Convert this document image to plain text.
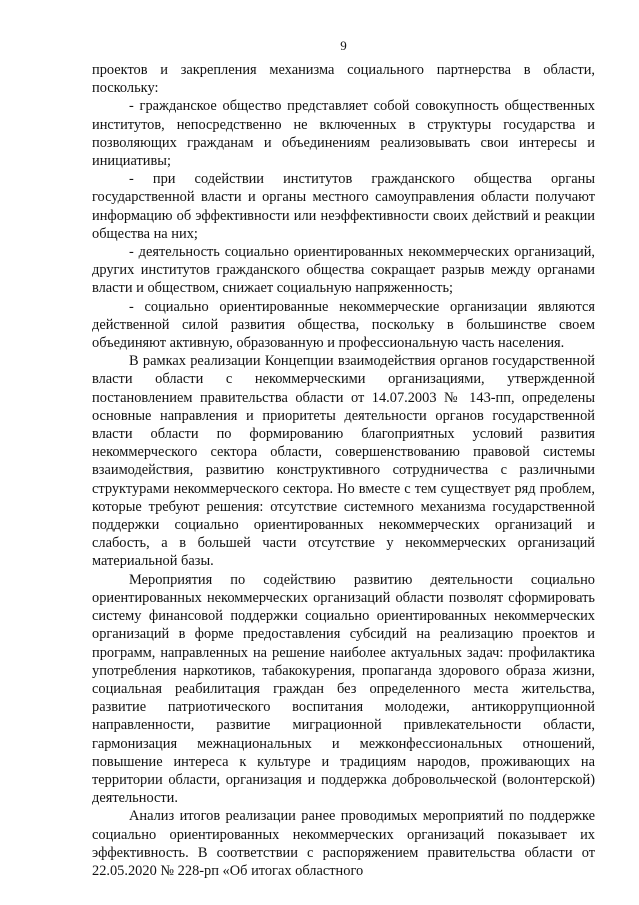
9

проектов и закрепления механизма социального партнерства в области, поскольку:

- гражданское общество представляет собой совокупность общественных институтов, непосредственно не включенных в структуры государства и позволяющих гражданам и объединениям реализовывать свои интересы и инициативы;

- при содействии институтов гражданского общества органы государственной власти и органы местного самоуправления области получают информацию об эффективности или неэффективности своих действий и реакции общества на них;

- деятельность социально ориентированных некоммерческих организаций, других институтов гражданского общества сокращает разрыв между органами власти и обществом, снижает социальную напряженность;

- социально ориентированные некоммерческие организации являются действенной силой развития общества, поскольку в большинстве своем объединяют активную, образованную и профессиональную часть населения.

В рамках реализации Концепции взаимодействия органов государственной власти области с некоммерческими организациями, утвержденной постановлением правительства области от 14.07.2003 № 143-пп, определены основные направления и приоритеты деятельности органов государственной власти области по формированию благоприятных условий развития некоммерческого сектора области, совершенствованию правовой системы взаимодействия, развитию конструктивного сотрудничества с различными структурами некоммерческого сектора. Но вместе с тем существует ряд проблем, которые требуют решения: отсутствие системного механизма государственной поддержки социально ориентированных некоммерческих организаций и слабость, а в большей части отсутствие у некоммерческих организаций материальной базы.

Мероприятия по содействию развитию деятельности социально ориентированных некоммерческих организаций области позволят сформировать систему финансовой поддержки социально ориентированных некоммерческих организаций в форме предоставления субсидий на реализацию проектов и программ, направленных на решение наиболее актуальных задач: профилактика употребления наркотиков, табакокурения, пропаганда здорового образа жизни, социальная реабилитация граждан без определенного места жительства, развитие патриотического воспитания молодежи, антикоррупционной направленности, развитие миграционной привлекательности области, гармонизация межнациональных и межконфессиональных отношений, повышение интереса к культуре и традициям народов, проживающих на территории области, организация и поддержка добровольческой (волонтерской) деятельности.

Анализ итогов реализации ранее проводимых мероприятий по поддержке социально ориентированных некоммерческих организаций показывает их эффективность. В соответствии с распоряжением правительства области от 22.05.2020 № 228-рп «Об итогах областного
